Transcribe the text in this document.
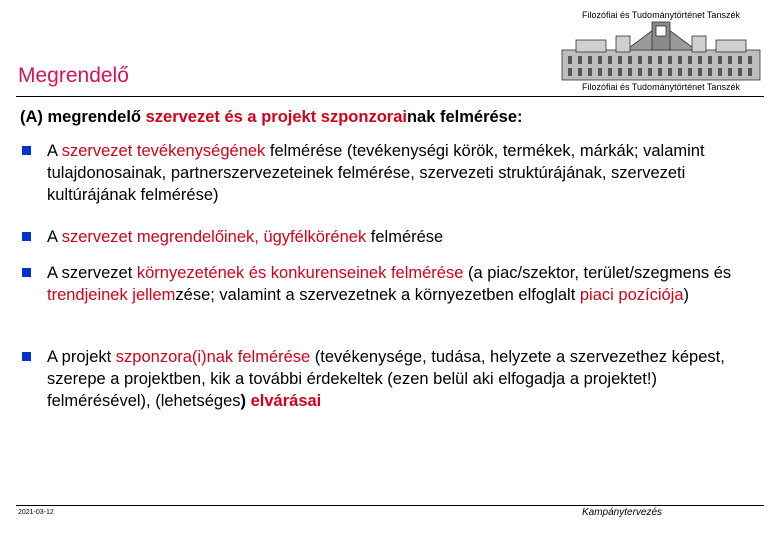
Megrendelő
Filozófiai és Tudománytörténet Tanszék
Filozófiai és Tudománytörténet Tanszék

(A) megrendelő szervezet és a projekt szponzorainak felmérése:

A szervezet tevékenységének felmérése (tevékenységi körök, termékek, márkák; valamint tulajdonosainak, partnerszervezeteinek felmérése, szervezeti struktúrájának, szervezeti kultúrájának felmérése)
A szervezet megrendelőinek, ügyfélkörének felmérése
A szervezet környezetének és konkurenseinek felmérése (a piac/szektor, terület/szegmens és trendjeinek jellemzése; valamint a szervezetnek a környezetben elfoglalt piaci pozíciója)
A projekt szponzora(i)nak felmérése (tevékenysége, tudása, helyzete a szervezethez képest, szerepe a projektben, kik a további érdekeltek (ezen belül aki elfogadja a projektet!) felmérésével), (lehetséges) elvárásai
2021-03-12	Kampánytervezés
